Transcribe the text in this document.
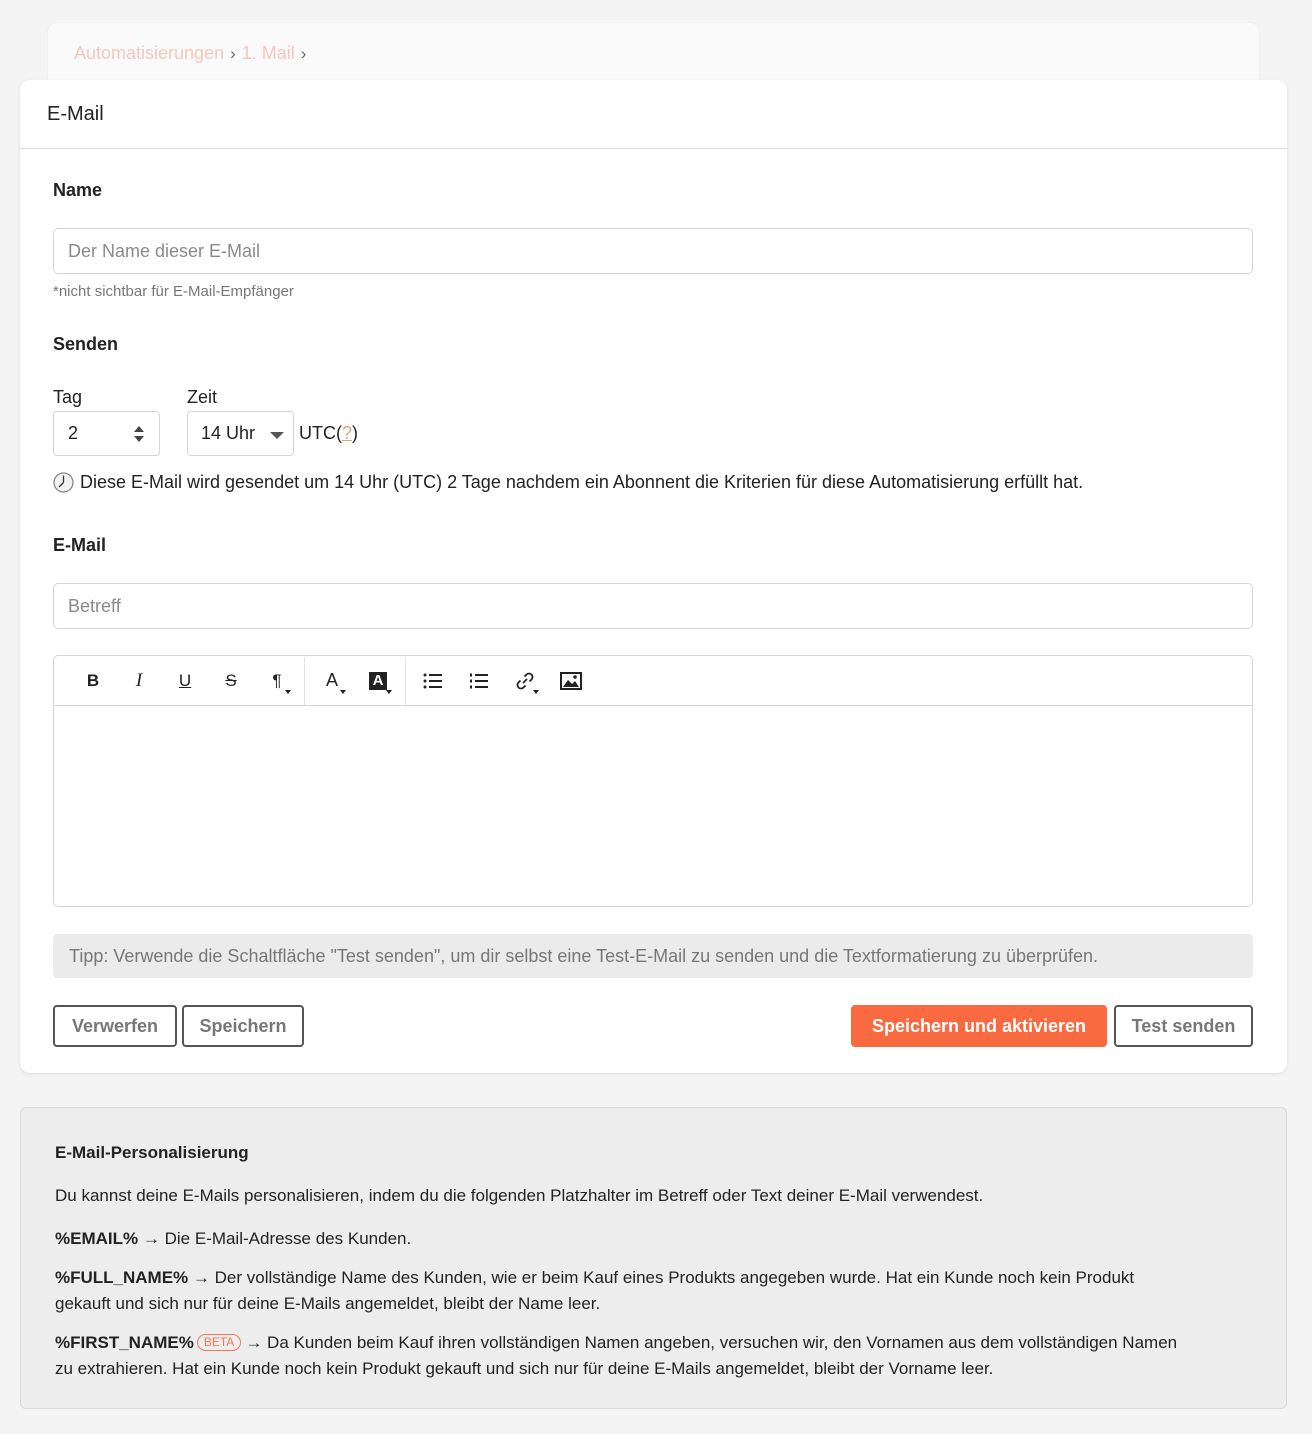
Automatisierungen › 1. Mail ›
E-Mail
Name
Der Name dieser E-Mail
*nicht sichtbar für E-Mail-Empfänger
Senden
Tag	Zeit
2	14 Uhr UTC(?)
Diese E-Mail wird gesendet um 14 Uhr (UTC) 2 Tage nachdem ein Abonnent die Kriterien für diese Automatisierung erfüllt hat.
E-Mail
Betreff
B	I	U	S	¶ A A
Tipp: Verwende die Schaltfläche "Test senden", um dir selbst eine Test-E-Mail zu senden und die Textformatierung zu überprüfen.
Verwerfen	Speichern	Speichern und aktivieren	Test senden
E-Mail-Personalisierung
Du kannst deine E-Mails personalisieren, indem du die folgenden Platzhalter im Betreff oder Text deiner E-Mail verwendest.
%EMAIL% → Die E-Mail-Adresse des Kunden.
%FULL_NAME% → Der vollständige Name des Kunden, wie er beim Kauf eines Produkts angegeben wurde. Hat ein Kunde noch kein Produkt
gekauft und sich nur für deine E-Mails angemeldet, bleibt der Name leer.
%FIRST_NAME% BETA → Da Kunden beim Kauf ihren vollständigen Namen angeben, versuchen wir, den Vornamen aus dem vollständigen Namen
zu extrahieren. Hat ein Kunde noch kein Produkt gekauft und sich nur für deine E-Mails angemeldet, bleibt der Vorname leer.
